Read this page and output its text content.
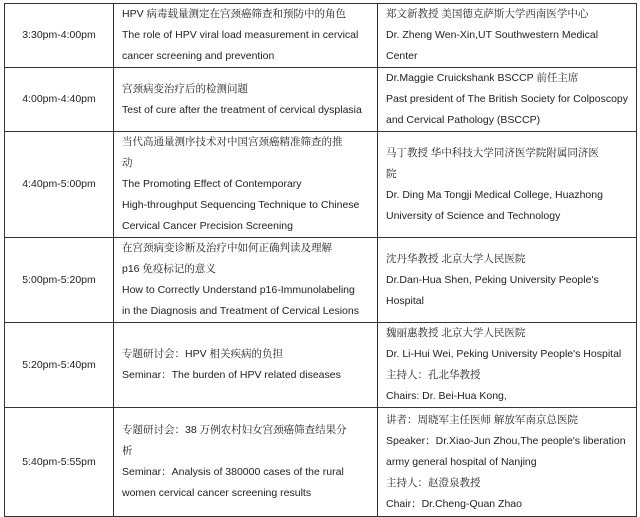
3:30pm-4:00pm	HPV 病毒载量测定在宫颈癌筛查和预防中的角色
The role of HPV viral load measurement in cervical
cancer screening and prevention	郑文新教授 美国德克萨斯大学西南医学中心
Dr. Zheng Wen-Xin,UT Southwestern Medical
Center

4:00pm-4:40pm	宫颈病变治疗后的检测问题
Test of cure after the treatment of cervical dysplasia	Dr.Maggie Cruickshank BSCCP 前任主席
Past president of The British Society for Colposcopy
and Cervical Pathology (BSCCP)

4:40pm-5:00pm	当代高通量测序技术对中国宫颈癌精准筛查的推
动
The Promoting Effect of Contemporary
High-throughput Sequencing Technique to Chinese
Cervical Cancer Precision Screening	马丁教授 华中科技大学同济医学院附属同济医
院
Dr. Ding Ma Tongji Medical College, Huazhong
University of Science and Technology

5:00pm-5:20pm	在宫颈病变诊断及治疗中如何正确判读及理解
p16 免疫标记的意义
How to Correctly Understand p16-Immunolabeling
in the Diagnosis and Treatment of Cervical Lesions	沈丹华教授 北京大学人民医院
Dr.Dan-Hua Shen, Peking University People's
Hospital

5:20pm-5:40pm	专题研讨会：HPV 相关疾病的负担
Seminar：The burden of HPV related diseases	魏丽惠教授 北京大学人民医院
Dr. Li-Hui Wei, Peking University People's Hospital
主持人：孔北华教授
Chairs: Dr. Bei-Hua Kong,

5:40pm-5:55pm	专题研讨会：38 万例农村妇女宫颈癌筛查结果分
析
Seminar：Analysis of 380000 cases of the rural
women cervical cancer screening results	讲者：周晓军主任医师 解放军南京总医院
Speaker：Dr.Xiao-Jun Zhou,The people's liberation
army general hospital of Nanjing
主持人：赵澄泉教授
Chair：Dr.Cheng-Quan Zhao
